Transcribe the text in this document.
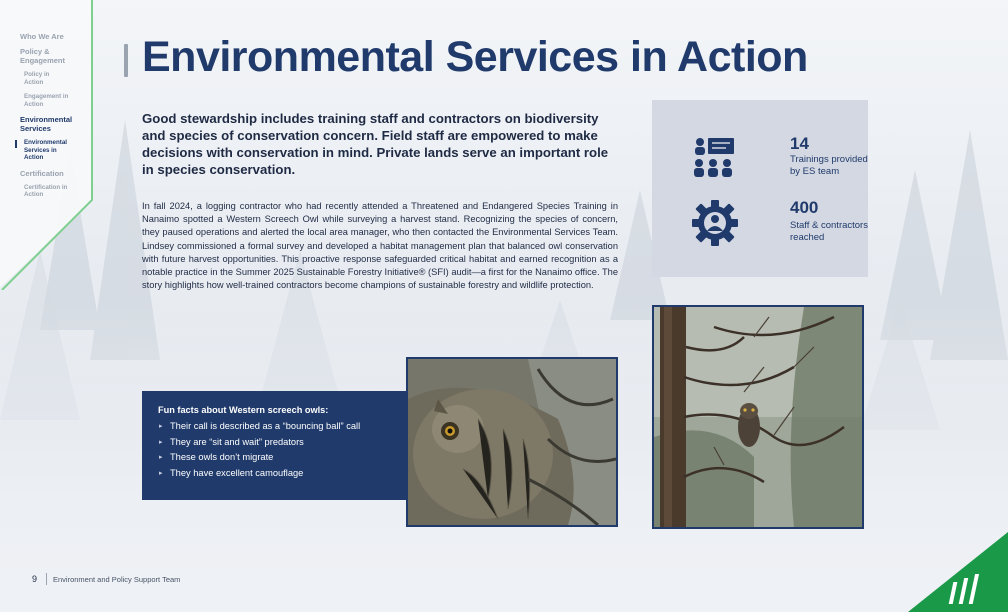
Who We Are
Policy & Engagement
Policy in Action
Engagement in Action
Environmental Services
Environmental Services in Action
Certification
Certification in Action
Environmental Services in Action

Good stewardship includes training staff and contractors on biodiversity and species of conservation concern. Field staff are empowered to make decisions with conservation in mind. Private lands serve an important role in species conservation.

In fall 2024, a logging contractor who had recently attended a Threatened and Endangered Species Training in Nanaimo spotted a Western Screech Owl while surveying a harvest stand. Recognizing the species of concern, they paused operations and alerted the local area manager, who then contacted the Environmental Services Team. Lindsey commissioned a formal survey and developed a habitat management plan that balanced owl conservation with future harvest opportunities. This proactive response safeguarded critical habitat and earned recognition as a notable practice in the Summer 2025 Sustainable Forestry Initiative® (SFI) audit—a first for the Nanaimo office. The story highlights how well-trained contractors become champions of sustainable forestry and wildlife protection.

14
Trainings provided by ES team
400
Staff & contractors reached
Fun facts about Western screech owls:
▸ Their call is described as a “bouncing ball” call
▸ They are “sit and wait” predators
▸ These owls don’t migrate
▸ They have excellent camouflage
9 Environment and Policy Support Team
